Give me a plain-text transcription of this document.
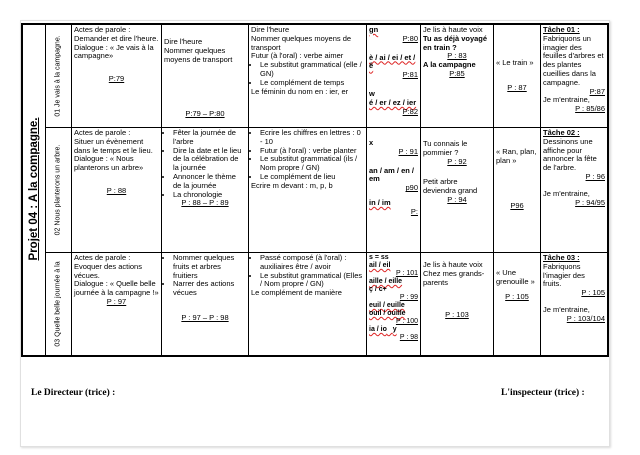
Projet 04 : A la compagne.
01 Je vais à la campagne.
02 Nous planterons un arbre.
03 Quelle belle journée à la

Actes de parole :

Demander et dire l'heure.

Dialogue : « Je vais à la campagne»

P:79

Dire l'heure

Nommer quelques moyens de transport

P:79 – P:80

Dire l'heure

Nommer quelques moyens de transport

Futur (à l'oral) : verbe aimer

• Le substitut grammatical (elle / GN)
• Le complément de temps

Le féminin du nom en : ier, er

gn

P:80

è / ai / ei / et / ê

P:81

w

é / er / ez / ier

P:82

Je lis à haute voix

Tu as déjà voyagé en train ?

P : 83

A la campagne

P:85

« Le train »

P : 87

Tâche 01 :

Fabriquons un imagier des feuilles d'arbres et des plantes cueillies dans la campagne.

P:87

Je m'entraine,

P : 85/86

Actes de parole :

Situer un évènement dans le temps et le lieu.

Dialogue : « Nous planterons un arbre»

P : 88

• Fêter la journée de l'arbre
• Dire la date et le lieu de la célébration de la journée
• Annoncer le thème de la journée
• La chronologie

P : 88 – P : 89

• Ecrire les chiffres en lettres : 0 - 10
• Futur (à l'oral) : verbe planter
• Le substitut grammatical (ils / Nom propre / GN)
• Le complément de lieu

Ecrire m devant : m, p, b

x

P : 91

an / am / en / em

p90

in / im

P:

Tu connais le pommier ?

P : 92

Petit arbre deviendra grand

P : 94

« Ran, plan, plan »

P96

Tâche 02 :

Dessinons une affiche pour annoncer la fête de l'arbre.

P : 96

Je m'entraine,

P : 94/95

Actes de parole :

Evoquer des actions vécues.

Dialogue : « Quelle belle journée à la campagne !»

P : 97

• Nommer quelques fruits et arbres fruitiers
• Narrer des actions vécues

P : 97 – P : 98

• Passé composé (à l'oral) : auxiliaires être / avoir
• Le substitut grammatical (Elles / Nom propre / GN)

Le complément de manière

s = ss

ail / eil

P : 101

aille / eille

ç / c+

P : 99

euil / euille

ouil / ouille

P : 100

ia / io y

P : 98

Je lis à haute voix

Chez mes grands-parents

P : 103

« Une grenouille »

P : 105

Tâche 03 :

Fabriquons l'imagier des fruits.

P : 105

Je m'entraine,

P : 103/104

Le Directeur (trice) :	L'inspecteur (trice) :
